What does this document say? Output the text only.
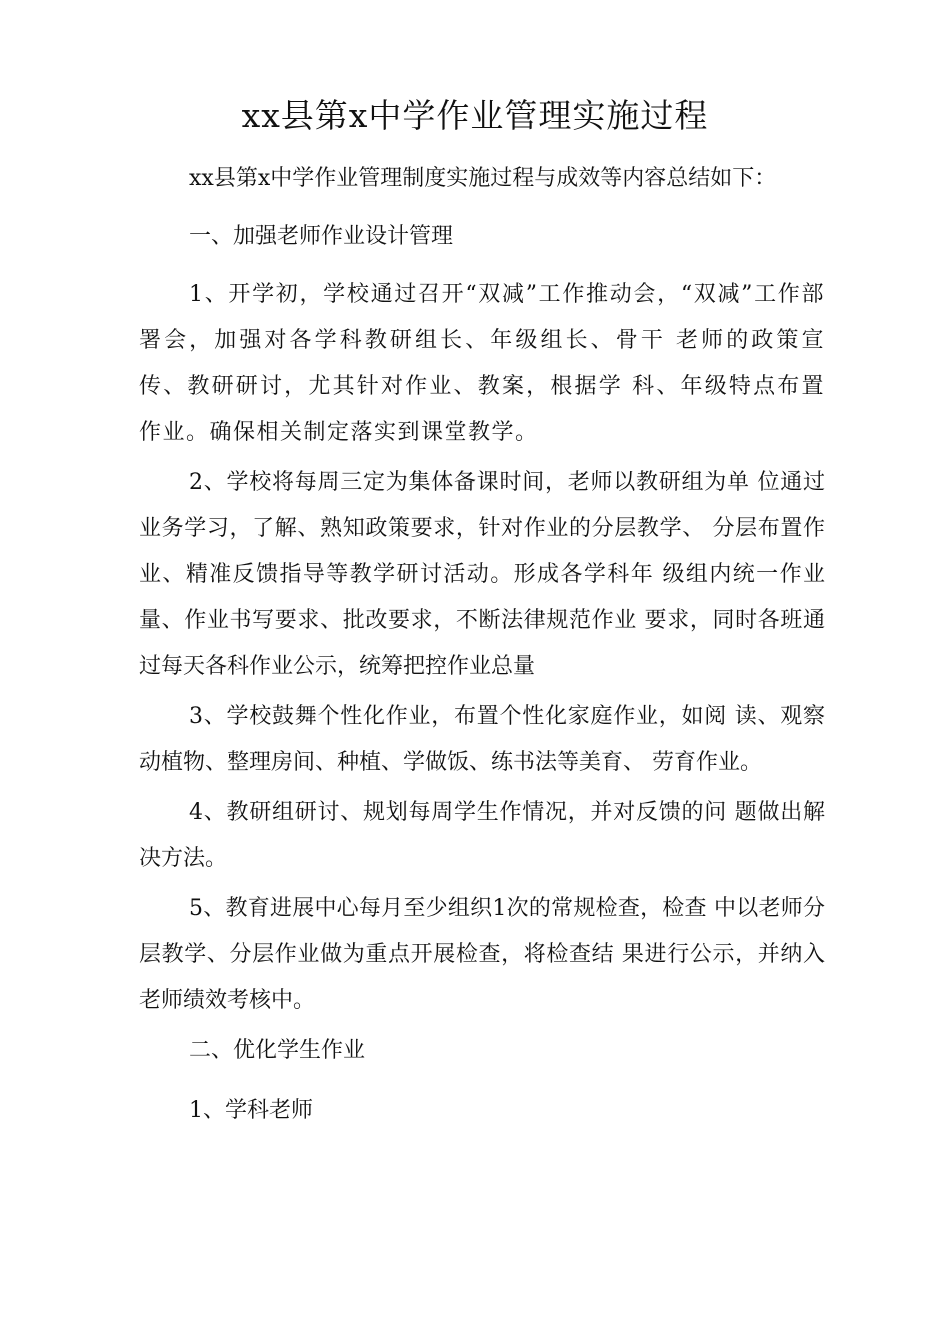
xx县第x中学作业管理实施过程

xx县第x中学作业管理制度实施过程与成效等内容总结如下：

一、加强老师作业设计管理

1、开学初，学校通过召开“双减”工作推动会，“双减”工作部署会，加强对各学科教研组长、年级组长、骨干 老师的政策宣传、教研研讨，尤其针对作业、教案，根据学 科、年级特点布置作业。确保相关制定落实到课堂教学。

2、学校将每周三定为集体备课时间，老师以教研组为单 位通过业务学习，了解、熟知政策要求，针对作业的分层教学、 分层布置作业、精准反馈指导等教学研讨活动。形成各学科年 级组内统一作业量、作业书写要求、批改要求，不断法律规范作业 要求，同时各班通过每天各科作业公示，统筹把控作业总量

3、学校鼓舞个性化作业，布置个性化家庭作业，如阅 读、观察动植物、整理房间、种植、学做饭、练书法等美育、 劳育作业。

4、教研组研讨、规划每周学生作情况，并对反馈的问 题做出解决方法。

5、教育进展中心每月至少组织1次的常规检查，检查 中以老师分层教学、分层作业做为重点开展检查，将检查结 果进行公示，并纳入老师绩效考核中。

二、优化学生作业

1、学科老师
